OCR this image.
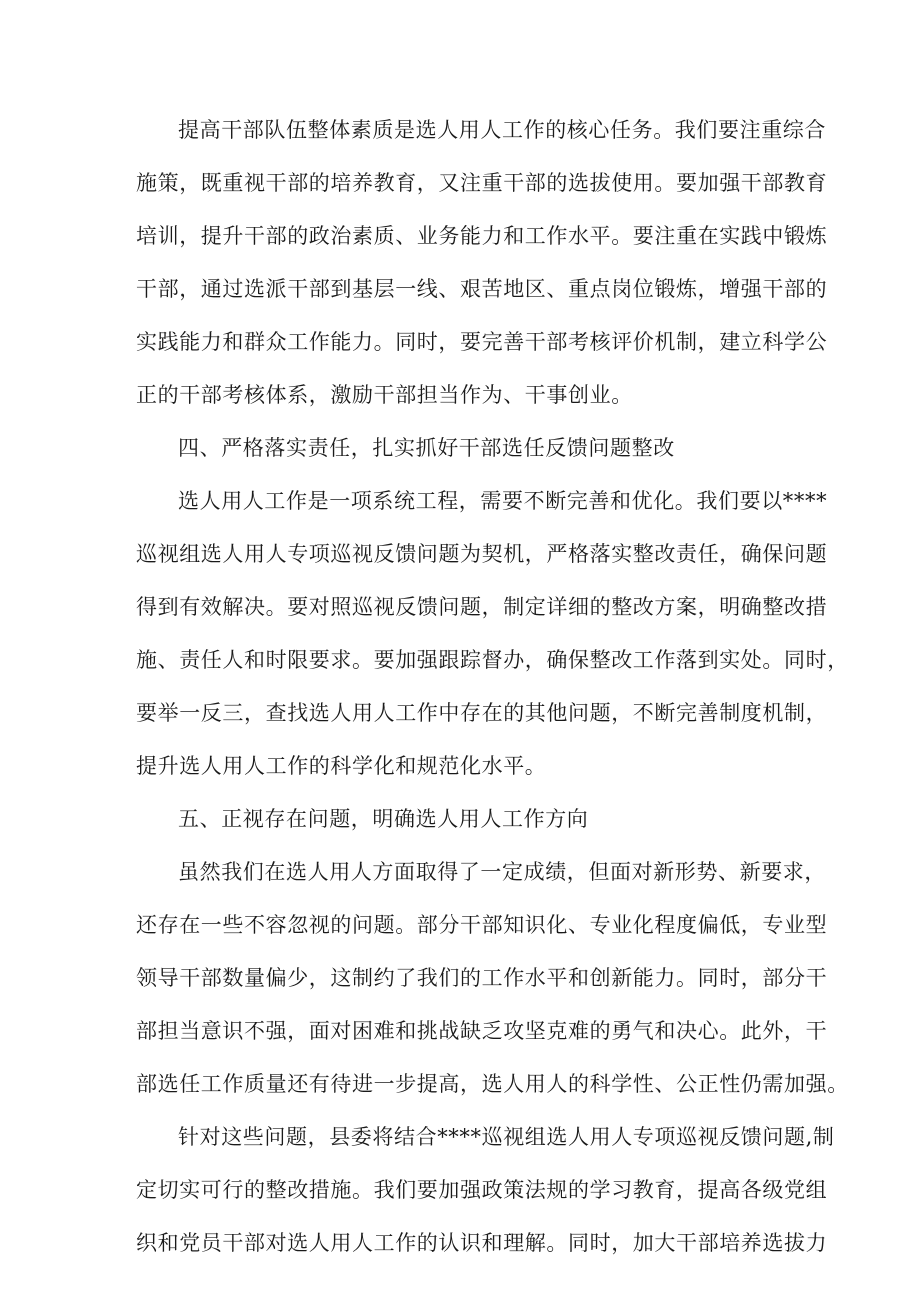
提高干部队伍整体素质是选人用人工作的核心任务。我们要注重综合
施策，既重视干部的培养教育，又注重干部的选拔使用。要加强干部教育
培训，提升干部的政治素质、业务能力和工作水平。要注重在实践中锻炼
干部，通过选派干部到基层一线、艰苦地区、重点岗位锻炼，增强干部的
实践能力和群众工作能力。同时，要完善干部考核评价机制，建立科学公
正的干部考核体系，激励干部担当作为、干事创业。
四、严格落实责任，扎实抓好干部选任反馈问题整改
选人用人工作是一项系统工程，需要不断完善和优化。我们要以****
巡视组选人用人专项巡视反馈问题为契机，严格落实整改责任，确保问题
得到有效解决。要对照巡视反馈问题，制定详细的整改方案，明确整改措
施、责任人和时限要求。要加强跟踪督办，确保整改工作落到实处。同时，
要举一反三，查找选人用人工作中存在的其他问题，不断完善制度机制，
提升选人用人工作的科学化和规范化水平。
五、正视存在问题，明确选人用人工作方向
虽然我们在选人用人方面取得了一定成绩，但面对新形势、新要求，
还存在一些不容忽视的问题。部分干部知识化、专业化程度偏低，专业型
领导干部数量偏少，这制约了我们的工作水平和创新能力。同时，部分干
部担当意识不强，面对困难和挑战缺乏攻坚克难的勇气和决心。此外，干
部选任工作质量还有待进一步提高，选人用人的科学性、公正性仍需加强。
针对这些问题，县委将结合****巡视组选人用人专项巡视反馈问题,制
定切实可行的整改措施。我们要加强政策法规的学习教育，提高各级党组
织和党员干部对选人用人工作的认识和理解。同时，加大干部培养选拔力
